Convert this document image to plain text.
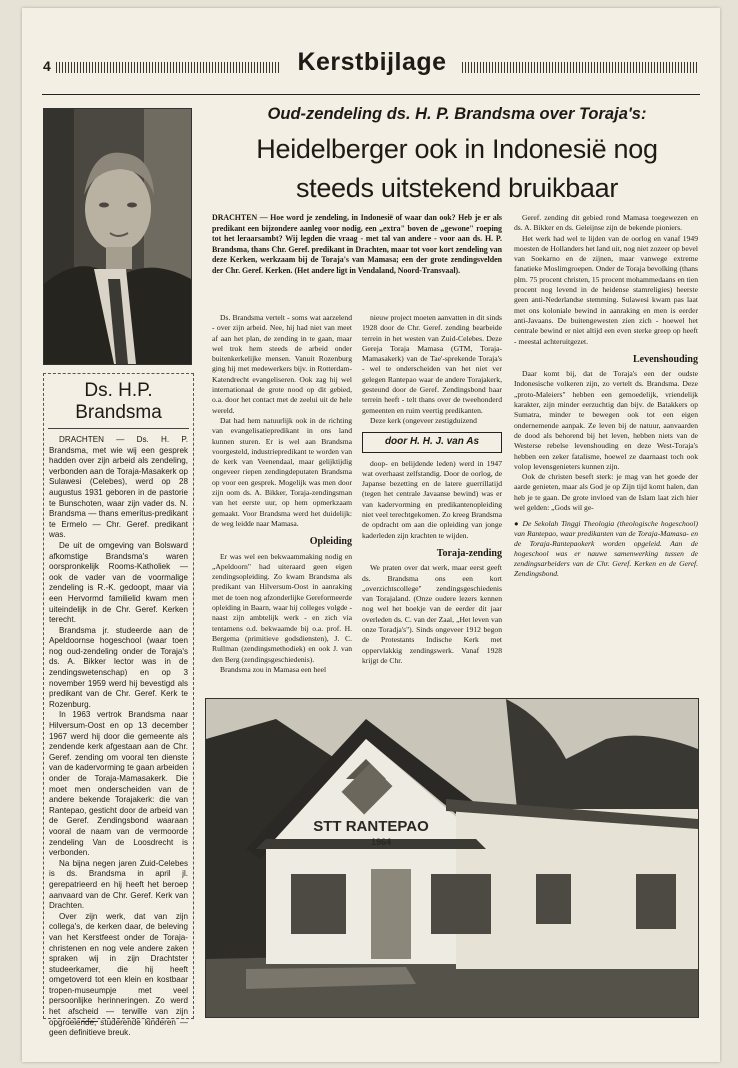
4	Kerstbijlage
Ds. H.P. Brandsma

DRACHTEN — Ds. H. P. Brandsma, met wie wij een gesprek hadden over zijn arbeid als zendeling, verbonden aan de Toraja-Masakerk op Sulawesi (Celebes), werd op 28 augustus 1931 geboren in de pastorie te Bunschoten, waar zijn vader ds. N. Brandsma — thans emeritus-predikant te Ermelo — Chr. Geref. predikant was.

De uit de omgeving van Bolsward afkomstige Brandsma's waren oorspronkelijk Rooms-Katholiek — ook de vader van de voormalige zendeling is R.-K. gedoopt, maar via een Hervormd familielid kwam men uiteindelijk in de Chr. Geref. Kerken terecht.

Brandsma jr. studeerde aan de Apeldoornse hogeschool (waar toen nog oud-zendeling onder de Toraja's ds. A. Bikker lector was in de zendingswetenschap) en op 3 november 1959 werd hij bevestigd als predikant van de Chr. Geref. Kerk te Rozenburg.

In 1963 vertrok Brandsma naar Hilversum-Oost en op 13 december 1967 werd hij door die gemeente als zendende kerk afgestaan aan de Chr. Geref. zending om vooral ten dienste van de kadervorming te gaan arbeiden onder de Toraja-Mamasakerk. Die moet men onderscheiden van de andere bekende Torajakerk: die van Rantepao, gesticht door de arbeid van de Geref. Zendingsbond waaraan vooral de naam van de vermoorde zendeling Van de Loosdrecht is verbonden.

Na bijna negen jaren Zuid-Celebes is ds. Brandsma in april jl. gerepatrieerd en hij heeft het beroep aanvaard van de Chr. Geref. Kerk van Drachten.

Over zijn werk, dat van zijn collega's, de kerken daar, de beleving van het Kerstfeest onder de Toraja-christenen en nog vele andere zaken spraken wij in zijn Drachtster studeerkamer, die hij heeft omgetoverd tot een klein en kostbaar tropen-museumpje met veel persoonlijke herinneringen. Zo werd het afscheid — terwille van zijn opgroeiende, studerende kinderen — geen definitieve breuk.

Oud-zendeling ds. H. P. Brandsma over Toraja's:
Heidelberger ook in Indonesië nog
steeds uitstekend bruikbaar
DRACHTEN — Hoe word je zendeling, in Indonesië of waar dan ook? Heb je er als predikant een bijzondere aanleg voor nodig, een „extra" boven de „gewone" roeping tot het leraarsambt? Wij legden die vraag - met tal van andere - voor aan ds. H. P. Brandsma, thans Chr. Geref. predikant in Drachten, maar tot voor kort zendeling van deze Kerken, werkzaam bij de Toraja's van Mamasa; een der grote zendingsvelden der Chr. Geref. Kerken. (Het andere ligt in Vendaland, Noord-Transvaal).

Ds. Brandsma vertelt - soms wat aarzelend - over zijn arbeid. Nee, hij had niet van meet af aan het plan, de zending in te gaan, maar wel trok hem steeds de arbeid onder buitenkerkelijke mensen. Vanuit Rozenburg ging hij met medewerkers bijv. in Rotterdam-Katendrecht evangeliseren. Ook zag hij wel internationaal de grote nood op dit gebied, o.a. door het contact met de zeelui uit de hele wereld.

Dat had hem natuurlijk ook in de richting van evangelisatiepredikant in ons land kunnen sturen. Er is wel aan Brandsma voorgesteld, industriepredikant te worden van de kerk van Veenendaal, maar gelijktijdig ongeveer riepen zendingdeputaten Brandsma op voor een gesprek. Mogelijk was men door zijn oom ds. A. Bikker, Toraja-zendingsman van het eerste uur, op hem opmerkzaam gemaakt. Voor Brandsma werd het duidelijk: de weg leidde naar Mamasa.

Opleiding

Er was wel een bekwaammaking nodig en „Apeldoorn" had uiteraard geen eigen zendingsopleiding. Zo kwam Brandsma als predikant van Hilversum-Oost in aanraking met de toen nog afzonderlijke Gereformeerde opleiding in Baarn, waar hij colleges volgde - naast zijn ambtelijk werk - en zich via tentamens o.d. bekwaamde bij o.a. prof. H. Bergema (primitieve godsdiensten), J. C. Rullman (zendingsmethodiek) en ook J. van den Berg (zendingsgeschiedenis).

Brandsma zou in Mamasa een heel

nieuw project moeten aanvatten in dit sinds 1928 door de Chr. Geref. zending bearbeide terrein in het westen van Zuid-Celebes. Deze Gereja Toraja Mamasa (GTM, Toraja-Mamasakerk) van de Tae'-sprekende Toraja's - wel te onderscheiden van het niet ver gelegen Rantepao waar de andere Torajakerk, gesteund door de Geref. Zendingsbond haar terrein heeft - telt thans over de tweehonderd gemeenten en ruim veertig predikanten.

Deze kerk (ongeveer zestigduizend

door H. H. J. van As

doop- en belijdende leden) werd in 1947 wat overhaast zelfstandig. Door de oorlog, de Japanse bezetting en de latere guerrillatijd (tegen het centrale Javaanse bewind) was er van kadervorming en predikantenopleiding niet veel terechtgekomen. Zo kreeg Brandsma de opdracht om aan die opleiding van jonge kaderleden zijn krachten te wijden.

Toraja-zending

We praten over dat werk, maar eerst geeft ds. Brandsma ons een kort „overzichtscollege" zendingsgeschiedenis van Torajaland. (Onze oudere lezers kennen nog wel het boekje van de eerder dit jaar overleden ds. C. van der Zaal, „Het leven van onze Toradja's"). Sinds ongeveer 1912 begon de Protestants Indische Kerk met oppervlakkig zendingswerk. Vanaf 1928 krijgt de Chr.

Geref. zending dit gebied rond Mamasa toegewezen en ds. A. Bikker en ds. Geleijnse zijn de bekende pioniers.

Het werk had wel te lijden van de oorlog en vanaf 1949 moesten de Hollanders het land uit, nog niet zozeer op bevel van Soekarno en de zijnen, maar vanwege extreme fanatieke Moslimgroepen. Onder de Toraja bevolking (thans plm. 75 procent christen, 15 procent mohammedaans en tien procent nog levend in de heidense stamreligies) heerste geen anti-Nederlandse stemming. Sulawesi kwam pas laat met ons koloniale bewind in aanraking en men is eerder anti-Javaans. De buitengewesten zien zich - hoewel het centrale bewind er niet altijd een even sterke greep op heeft - meestal achteruitgezet.

Levenshouding

Daar komt bij, dat de Toraja's een der oudste Indonesische volkeren zijn, zo vertelt ds. Brandsma. Deze „proto-Maleiers" hebben een gemoedelijk, vriendelijk karakter, zijn minder eerzuchtig dan bijv. de Batakkers op Sumatra, minder te bewegen ook tot een eigen ondernemende aanpak. Ze leven bij de natuur, aanvaarden de dood als behorend bij het leven, hebben niets van de Westerse rebelse levenshouding en deze West-Toraja's hebben een zeker fatalisme, hoewel ze daarnaast toch ook volop levensgenieters kunnen zijn.

Ook de christen beseft sterk: je mag van het goede der aarde genieten, maar als God je op Zijn tijd komt halen, dan heb je te gaan. De grote invloed van de Islam laat zich hier wel gelden: „Gods wil ge-

● De Sekolah Tinggi Theologia (theologische hogeschool) van Rantepao, waar predikanten van de Toraja-Mamasa- en de Toraja-Rantepaokerk worden opgeleid. Aan de hogeschool was er nauwe samenwerking tussen de zendingsarbeiders van de Chr. Geref. Kerken en de Geref. Zendingsbond.
STT RANTEPAO
1964
